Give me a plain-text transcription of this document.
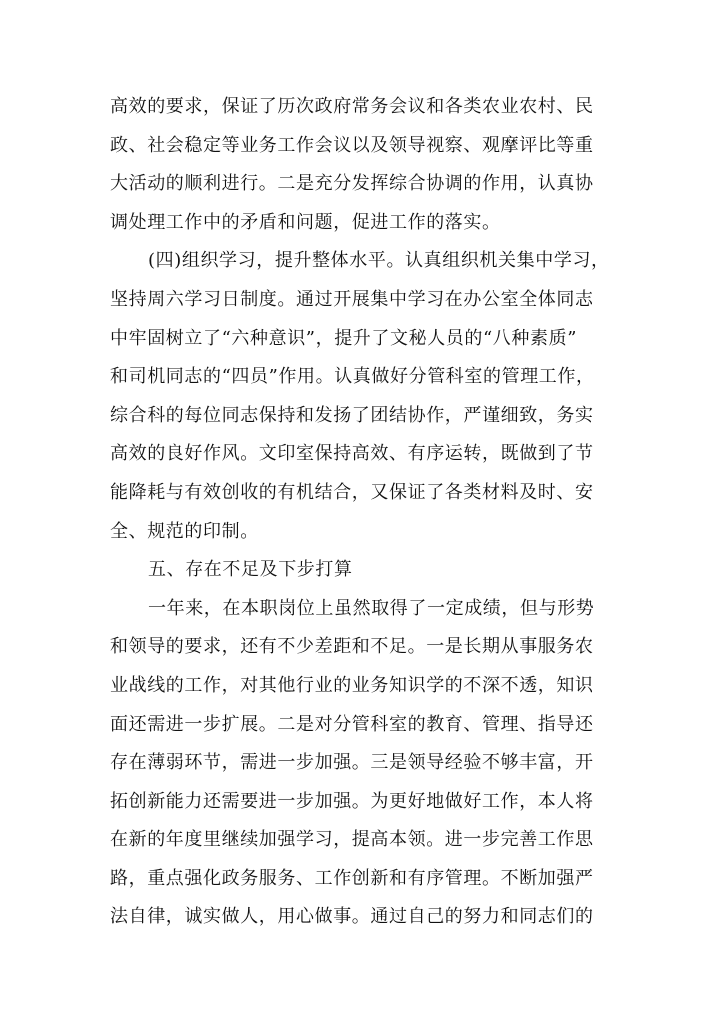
高效的要求，保证了历次政府常务会议和各类农业农村、民
政、社会稳定等业务工作会议以及领导视察、观摩评比等重
大活动的顺利进行。二是充分发挥综合协调的作用，认真协
调处理工作中的矛盾和问题，促进工作的落实。
(四)组织学习，提升整体水平。认真组织机关集中学习，
坚持周六学习日制度。通过开展集中学习在办公室全体同志
中牢固树立了“六种意识”，提升了文秘人员的“八种素质”
和司机同志的“四员”作用。认真做好分管科室的管理工作，
综合科的每位同志保持和发扬了团结协作，严谨细致，务实
高效的良好作风。文印室保持高效、有序运转，既做到了节
能降耗与有效创收的有机结合，又保证了各类材料及时、安
全、规范的印制。
五、存在不足及下步打算
一年来，在本职岗位上虽然取得了一定成绩，但与形势
和领导的要求，还有不少差距和不足。一是长期从事服务农
业战线的工作，对其他行业的业务知识学的不深不透，知识
面还需进一步扩展。二是对分管科室的教育、管理、指导还
存在薄弱环节，需进一步加强。三是领导经验不够丰富，开
拓创新能力还需要进一步加强。为更好地做好工作，本人将
在新的年度里继续加强学习，提高本领。进一步完善工作思
路，重点强化政务服务、工作创新和有序管理。不断加强严
法自律，诚实做人，用心做事。通过自己的努力和同志们的
